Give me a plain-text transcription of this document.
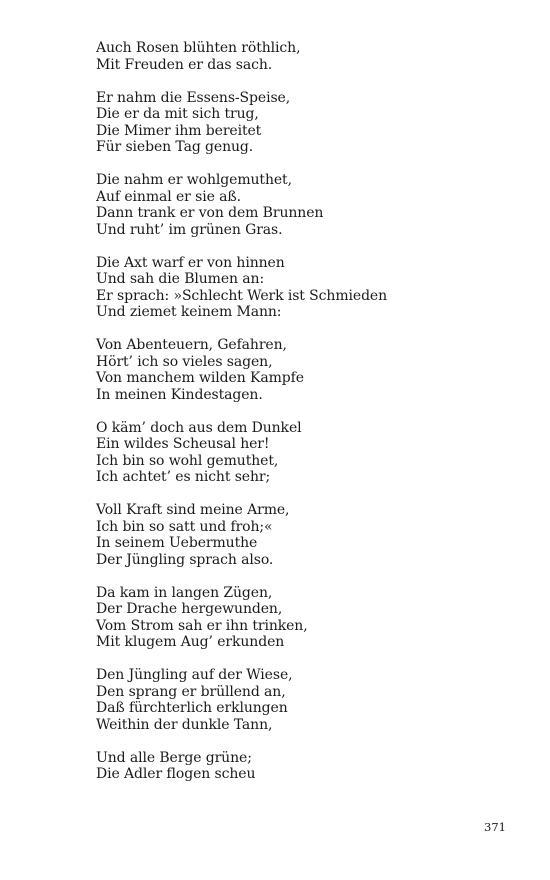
Auch Rosen blühten röthlich,
Mit Freuden er das sach.
Er nahm die Essens-Speise,
Die er da mit sich trug,
Die Mimer ihm bereitet
Für sieben Tag genug.
Die nahm er wohlgemuthet,
Auf einmal er sie aß.
Dann trank er von dem Brunnen
Und ruht’ im grünen Gras.
Die Axt warf er von hinnen
Und sah die Blumen an:
Er sprach: »Schlecht Werk ist Schmieden
Und ziemet keinem Mann:
Von Abenteuern, Gefahren,
Hört’ ich so vieles sagen,
Von manchem wilden Kampfe
In meinen Kindestagen.
O käm’ doch aus dem Dunkel
Ein wildes Scheusal her!
Ich bin so wohl gemuthet,
Ich achtet’ es nicht sehr;
Voll Kraft sind meine Arme,
Ich bin so satt und froh;«
In seinem Uebermuthe
Der Jüngling sprach also.
Da kam in langen Zügen,
Der Drache hergewunden,
Vom Strom sah er ihn trinken,
Mit klugem Aug’ erkunden
Den Jüngling auf der Wiese,
Den sprang er brüllend an,
Daß fürchterlich erklungen
Weithin der dunkle Tann,
Und alle Berge grüne;
Die Adler flogen scheu
371
